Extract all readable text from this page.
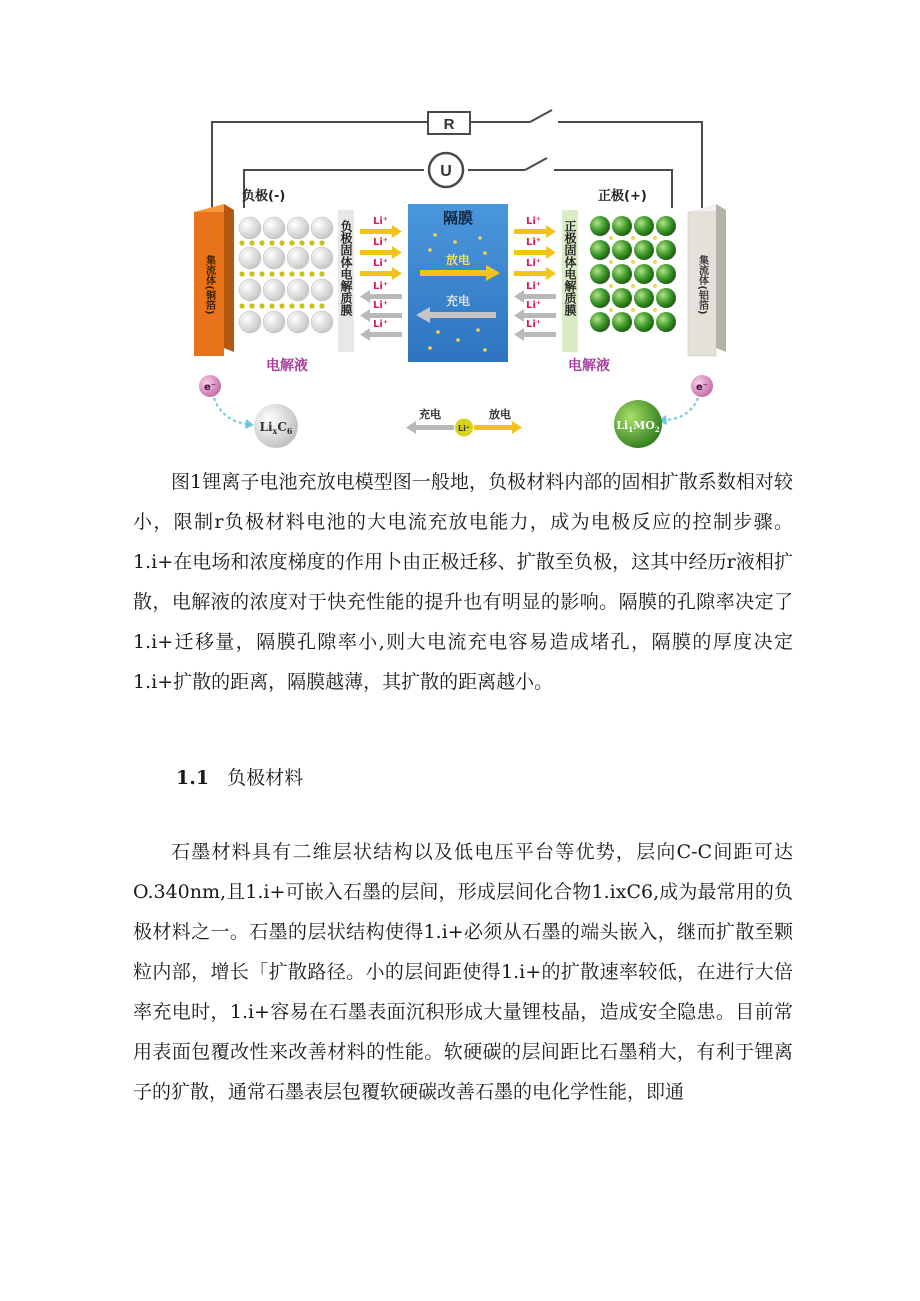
R
U
负极(-)	正极(+)
集流体(铜箔)	负极固体电解质膜 Li⁺
Li⁺
Li⁺
Li⁺
Li⁺
Li⁺
隔膜
放电
充电
Li⁺
Li⁺
Li⁺
Li⁺
Li⁺
Li⁺
正极固体电解质膜	集流体(铝箔)
电解液	电解液
e⁻	e⁻
$Li_xC_6$	$Li_1MO_2$
充电	放电
Li⁺

图1锂离子电池充放电模型图一般地，负极材料内部的固相扩散系数相对较小，限制r负极材料电池的大电流充放电能力，成为电极反应的控制步骤。1.i+在电场和浓度梯度的作用卜由正极迁移、扩散至负极，这其中经历r液相扩散，电解液的浓度对于快充性能的提升也有明显的影响。隔膜的孔隙率决定了1.i+迁移量，隔膜孔隙率小,则大电流充电容易造成堵孔，隔膜的厚度决定1.i+扩散的距离，隔膜越薄，其扩散的距离越小。

1.1 负极材料

石墨材料具有二维层状结构以及低电压平台等优势，层向C-C间距可达O.340nm,且1.i+可嵌入石墨的层间，形成层间化合物1.ixC6,成为最常用的负极材料之一。石墨的层状结构使得1.i+必须从石墨的端头嵌入，继而扩散至颗粒内部，增长「扩散路径。小的层间距使得1.i+的扩散速率较低，在进行大倍率充电时，1.i+容易在石墨表面沉积形成大量锂枝晶，造成安全隐患。目前常用表面包覆改性来改善材料的性能。软硬碳的层间距比石墨稍大，有利于锂离子的犷散，通常石墨表层包覆软硬碳改善石墨的电化学性能，即通
